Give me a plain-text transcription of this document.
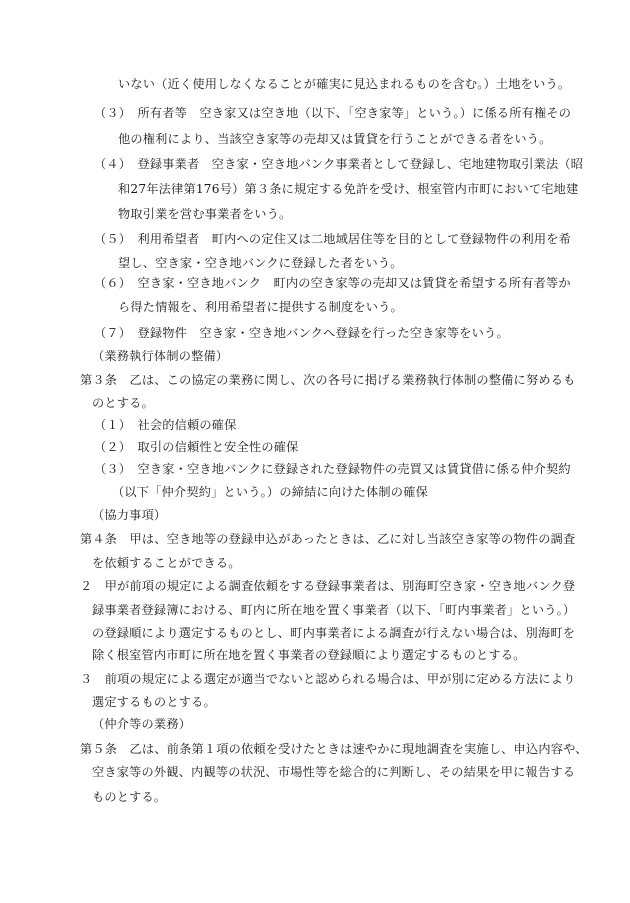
いない（近く使用しなくなることが確実に見込まれるものを含む。）土地をいう。
（３）　所有者等　空き家又は空き地（以下、「空き家等」という。）に係る所有権その
他の権利により、当該空き家等の売却又は賃貸を行うことができる者をいう。
（４）　登録事業者　空き家・空き地バンク事業者として登録し、宅地建物取引業法（昭
和27年法律第176号）第３条に規定する免許を受け、根室管内市町において宅地建
物取引業を営む事業者をいう。
（５）　利用希望者　町内への定住又は二地域居住等を目的として登録物件の利用を希
望し、空き家・空き地バンクに登録した者をいう。
（６）　空き家・空き地バンク　町内の空き家等の売却又は賃貸を希望する所有者等か
ら得た情報を、利用希望者に提供する制度をいう。
（７）　登録物件　空き家・空き地バンクへ登録を行った空き家等をいう。
（業務執行体制の整備）
第３条　乙は、この協定の業務に関し、次の各号に掲げる業務執行体制の整備に努めるも
のとする。
（１）　社会的信頼の確保
（２）　取引の信頼性と安全性の確保
（３）　空き家・空き地バンクに登録された登録物件の売買又は賃貸借に係る仲介契約
（以下「仲介契約」という。）の締結に向けた体制の確保
（協力事項）
第４条　甲は、空き地等の登録申込があったときは、乙に対し当該空き家等の物件の調査
を依頼することができる。
２　甲が前項の規定による調査依頼をする登録事業者は、別海町空き家・空き地バンク登
録事業者登録簿における、町内に所在地を置く事業者（以下、「町内事業者」という。）
の登録順により選定するものとし、町内事業者による調査が行えない場合は、別海町を
除く根室管内市町に所在地を置く事業者の登録順により選定するものとする。
３　前項の規定による選定が適当でないと認められる場合は、甲が別に定める方法により
選定するものとする。
（仲介等の業務）
第５条　乙は、前条第１項の依頼を受けたときは速やかに現地調査を実施し、申込内容や、
空き家等の外観、内観等の状況、市場性等を総合的に判断し、その結果を甲に報告する
ものとする。
